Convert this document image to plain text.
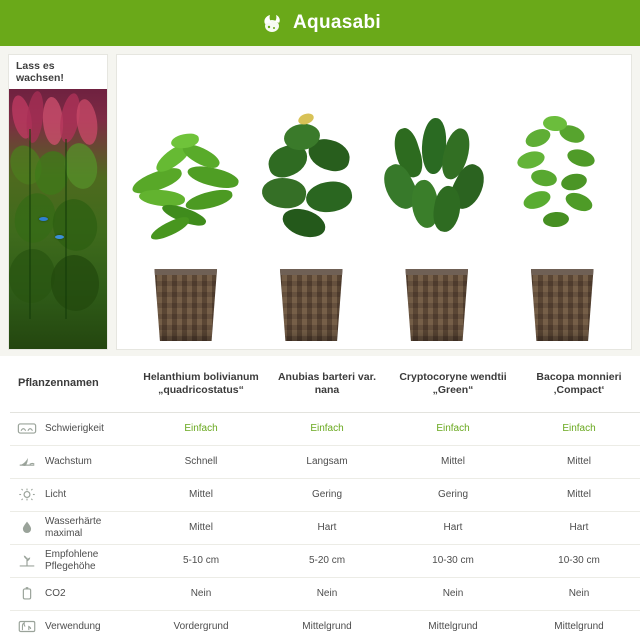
Aquasabi
Lass es wachsen!
Pflanzennamen	Helanthium bolivianum „quadricostatus“	Anubias barteri var. nana	Cryptocoryne wendtii „Green“	Bacopa monnieri ‚Compact‘

Schwierigkeit	Einfach	Einfach	Einfach	Einfach

Wachstum	Schnell	Langsam	Mittel	Mittel

Licht	Mittel	Gering	Gering	Mittel

Wasserhärte maximal	Mittel	Hart	Hart	Hart

Empfohlene Pflegehöhe	5-10 cm	5-20 cm	10-30 cm	10-30 cm

CO2	Nein	Nein	Nein	Nein

Verwendung	Vordergrund	Mittelgrund	Mittelgrund	Mittelgrund
